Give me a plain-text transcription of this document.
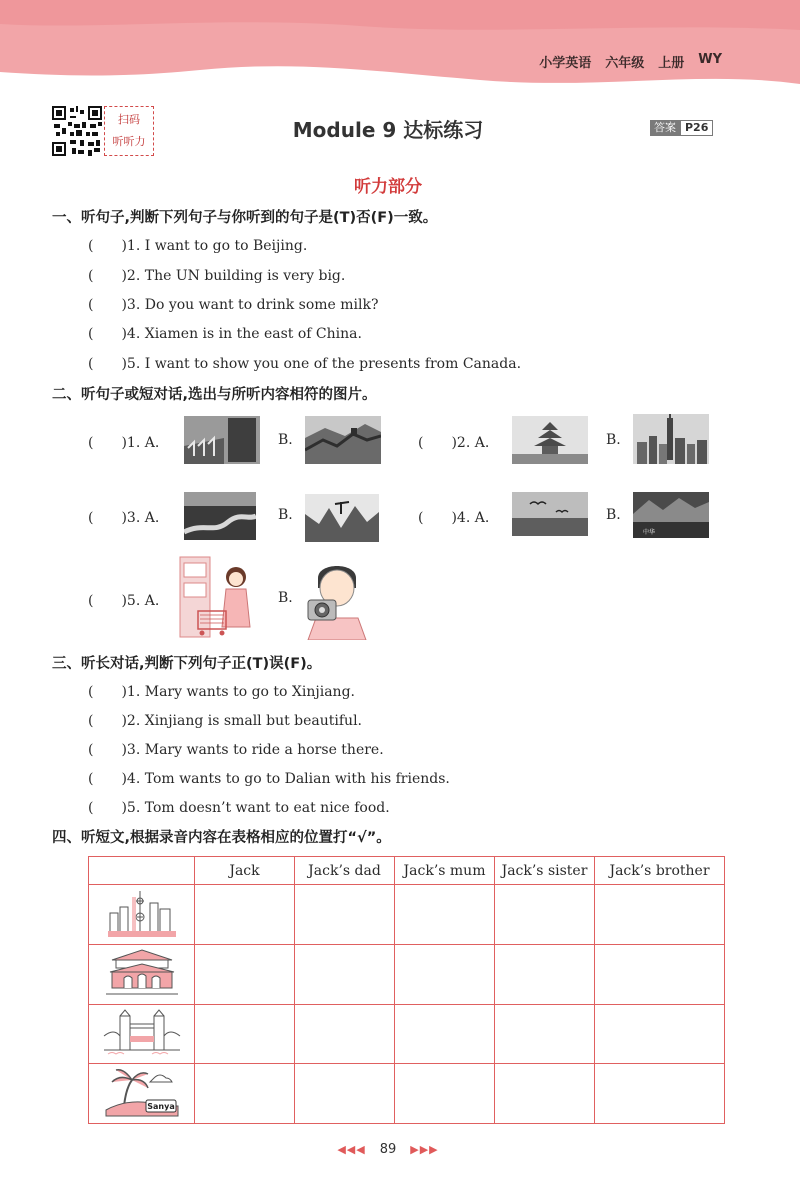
小学英语 六年级 上册 WY
扫码
听听力	Module 9 达标练习	答案 P26
听力部分
一、听句子,判断下列句子与你听到的句子是(T)否(F)一致。
(　　)1. I want to go to Beijing.
(　　)2. The UN building is very big.
(　　)3. Do you want to drink some milk?
(　　)4. Xiamen is in the east of China.
(　　)5. I want to show you one of the presents from Canada.
二、听句子或短对话,选出与所听内容相符的图片。
(　　)1. A.	B.	(　　)2. A.	B.
(　　)3. A.	B.	(　　)4. A.	B.
中华
(　　)5. A.	B.
三、听长对话,判断下列句子正(T)误(F)。
(　　)1. Mary wants to go to Xinjiang.
(　　)2. Xinjiang is small but beautiful.
(　　)3. Mary wants to ride a horse there.
(　　)4. Tom wants to go to Dalian with his friends.
(　　)5. Tom doesn’t want to eat nice food.
四、听短文,根据录音内容在表格相应的位置打“√”。
	Jack	Jack’s dad	Jack’s mum	Jack’s sister	Jack’s brother

Sanya					

◀◀◀ 89 ▶▶▶
